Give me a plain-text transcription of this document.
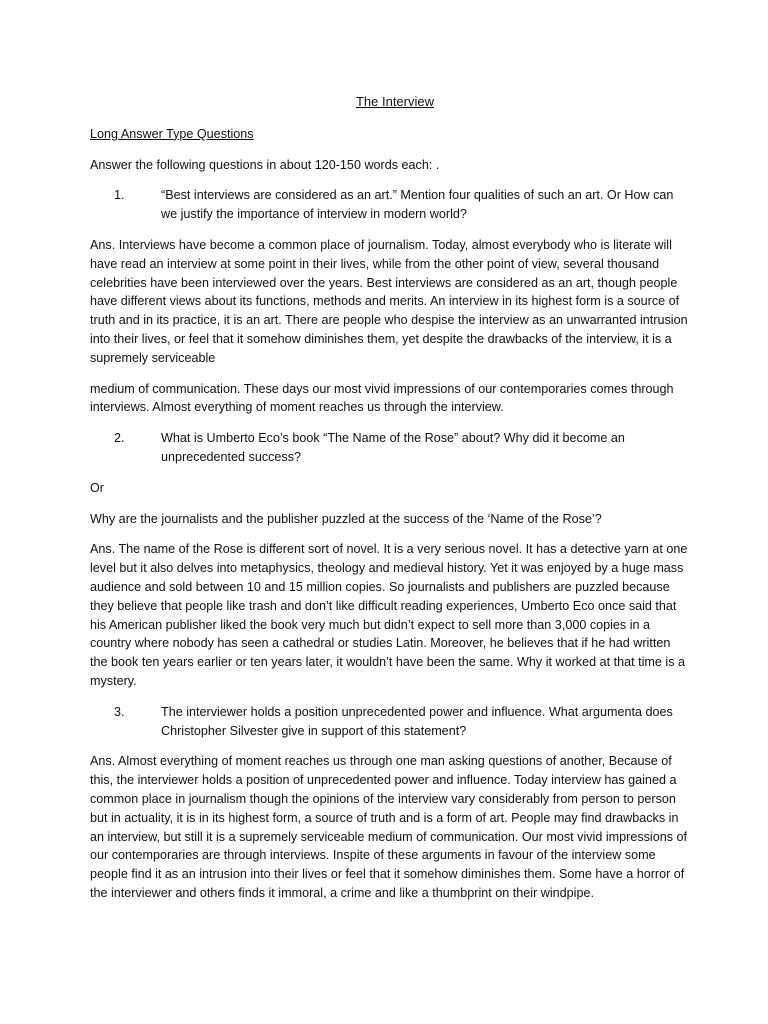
The Interview
Long Answer Type Questions
Answer the following questions in about 120-150 words each: .
1.	“Best interviews are considered as an art.” Mention four qualities of such an art. Or How can we justify the importance of interview in modern world?
Ans. Interviews have become a common place of journalism. Today, almost everybody who is literate will have read an interview at some point in their lives, while from the other point of view, several thousand celebrities have been interviewed over the years. Best interviews are considered as an art, though people have different views about its functions, methods and merits. An interview in its highest form is a source of truth and in its practice, it is an art. There are people who despise the interview as an unwarranted intrusion into their lives, or feel that it somehow diminishes them, yet despite the drawbacks of the interview, it is a supremely serviceable
medium of communication. These days our most vivid impressions of our contemporaries comes through interviews. Almost everything of moment reaches us through the interview.
2.	What is Umberto Eco’s book “The Name of the Rose” about? Why did it become an unprecedented success?
Or
Why are the journalists and the publisher puzzled at the success of the ‘Name of the Rose’?
Ans. The name of the Rose is different sort of novel. It is a very serious novel. It has a detective yarn at one level but it also delves into metaphysics, theology and medieval history. Yet it was enjoyed by a huge mass audience and sold between 10 and 15 million copies. So journalists and publishers are puzzled because they believe that people like trash and don’t like difficult reading experiences, Umberto Eco once said that his American publisher liked the book very much but didn’t expect to sell more than 3,000 copies in a country where nobody has seen a cathedral or studies Latin. Moreover, he believes that if he had written the book ten years earlier or ten years later, it wouldn’t have been the same. Why it worked at that time is a mystery.
3.	The interviewer holds a position unprecedented power and influence. What argumenta does Christopher Silvester give in support of this statement?
Ans. Almost everything of moment reaches us through one man asking questions of another, Because of this, the interviewer holds a position of unprecedented power and influence. Today interview has gained a common place in journalism though the opinions of the interview vary considerably from person to person but in actuality, it is in its highest form, a source of truth and is a form of art. People may find drawbacks in an interview, but still it is a supremely serviceable medium of communication. Our most vivid impressions of our contemporaries are through interviews. Inspite of these arguments in favour of the interview some people find it as an intrusion into their lives or feel that it somehow diminishes them. Some have a horror of the interviewer and others finds it immoral, a crime and like a thumbprint on their windpipe.
